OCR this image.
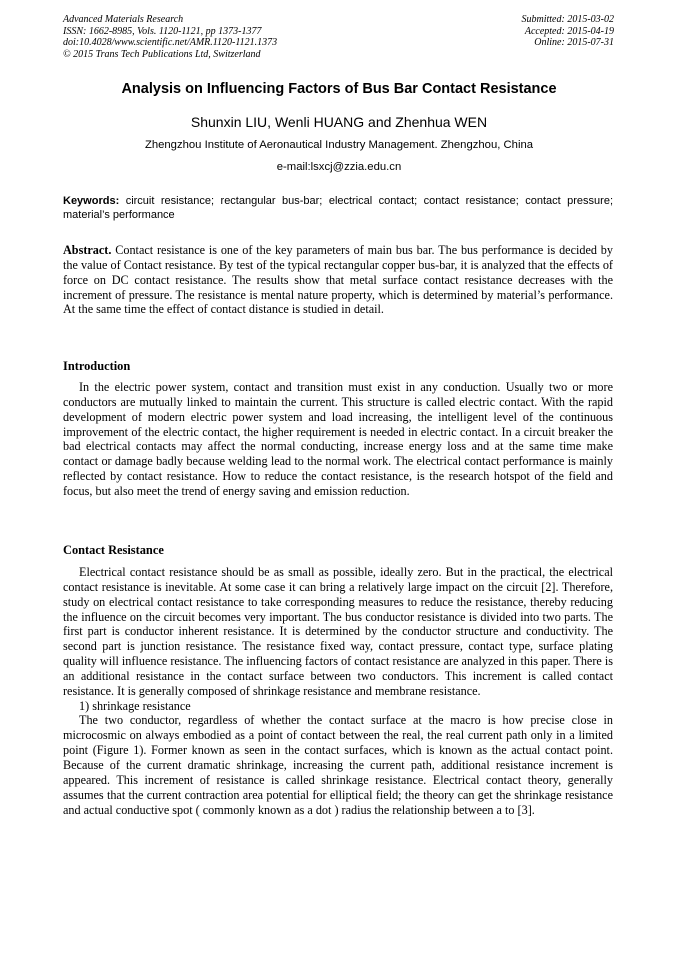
Advanced Materials Research
ISSN: 1662-8985, Vols. 1120-1121, pp 1373-1377
doi:10.4028/www.scientific.net/AMR.1120-1121.1373
© 2015 Trans Tech Publications Ltd, Switzerland
Submitted: 2015-03-02
Accepted: 2015-04-19
Online: 2015-07-31
Analysis on Influencing Factors of Bus Bar Contact Resistance
Shunxin LIU, Wenli HUANG and Zhenhua WEN
Zhengzhou Institute of Aeronautical Industry Management. Zhengzhou, China
e-mail:lsxcj@zzia.edu.cn
Keywords: circuit resistance; rectangular bus-bar; electrical contact; contact resistance; contact pressure; material’s performance

Abstract. Contact resistance is one of the key parameters of main bus bar. The bus performance is decided by the value of Contact resistance. By test of the typical rectangular copper bus-bar, it is analyzed that the effects of force on DC contact resistance. The results show that metal surface contact resistance decreases with the increment of pressure. The resistance is mental nature property, which is determined by material’s performance. At the same time the effect of contact distance is studied in detail.

Introduction

In the electric power system, contact and transition must exist in any conduction. Usually two or more conductors are mutually linked to maintain the current. This structure is called electric contact. With the rapid development of modern electric power system and load increasing, the intelligent level of the continuous improvement of the electric contact, the higher requirement is needed in electric contact. In a circuit breaker the bad electrical contacts may affect the normal conducting, increase energy loss and at the same time make contact or damage badly because welding lead to the normal work. The electrical contact performance is mainly reflected by contact resistance. How to reduce the contact resistance, is the research hotspot of the field and focus, but also meet the trend of energy saving and emission reduction.

Contact Resistance

Electrical contact resistance should be as small as possible, ideally zero. But in the practical, the electrical contact resistance is inevitable. At some case it can bring a relatively large impact on the circuit [2]. Therefore, study on electrical contact resistance to take corresponding measures to reduce the resistance, thereby reducing the influence on the circuit becomes very important. The bus conductor resistance is divided into two parts. The first part is conductor inherent resistance. It is determined by the conductor structure and conductivity. The second part is junction resistance. The resistance fixed way, contact pressure, contact type, surface plating quality will influence resistance. The influencing factors of contact resistance are analyzed in this paper. There is an additional resistance in the contact surface between two conductors. This increment is called contact resistance. It is generally composed of shrinkage resistance and membrane resistance.

1) shrinkage resistance

The two conductor, regardless of whether the contact surface at the macro is how precise close in microcosmic on always embodied as a point of contact between the real, the real current path only in a limited point (Figure 1). Former known as seen in the contact surfaces, which is known as the actual contact point. Because of the current dramatic shrinkage, increasing the current path, additional resistance increment is appeared. This increment of resistance is called shrinkage resistance. Electrical contact theory, generally assumes that the current contraction area potential for elliptical field; the theory can get the shrinkage resistance and actual conductive spot ( commonly known as a dot ) radius the relationship between a to [3].
